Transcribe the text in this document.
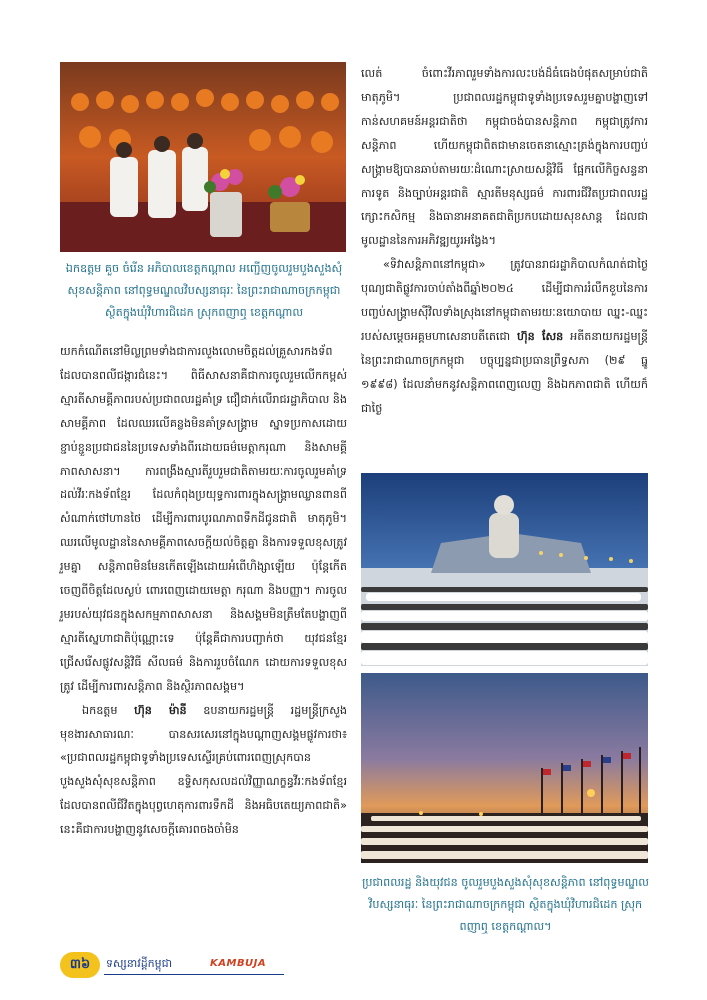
ឯកឧត្តម គួច ចំរើន អភិបាលខេត្តកណ្តាល អញ្ជើញចូលរួមបួងសួងសុំសុខសន្តិភាព នៅពុទ្ធមណ្ឌលវិបស្សនាធុរៈ នៃព្រះរាជាណាចក្រកម្ពុជា ស្ថិតក្នុងឃុំវិហារជិដេក ស្រុកពញាឮ ខេត្តកណ្តាល

យកកំណើតនៅមិល្លព្រមទាំងជាការលួងលោមចិត្តដល់គ្រួសារកងទ័ព ដែលបានពលីជង្ការជំនេះ។ ពិធីសាសនាគឺជាការចូលរួមលើកកម្ពស់ស្មារតីសាមគ្គីភាពរបស់ប្រជាពលរដ្ឋគាំទ្រ ជឿជាក់លើរាជរដ្ឋាភិបាល និងសាមគ្គីភាព ដែលឈរលើគន្លងមិនគាំទ្រសង្គ្រាម ស្នាទប្រកាសដោយខ្ជាប់ខ្ជួនប្រជាជននៃប្រទេសទាំងពីរដោយធម៌មេត្តាករុណា និងសាមគ្គីភាពសាសនា។ ការពង្រឹងស្មារតីរួបរួមជាតិតាមរយៈការចូលរួមគាំទ្រដល់វីរៈកងទ័ពខ្មែរ ដែលកំពុងប្រយុទ្ធការពារក្នុងសង្គ្រាមឈ្លានពានពីសំណាក់ថៅហានថៃ ដើម្បីការពារបូរណភាពទឹកដីជូនជាតិ មាតុភូមិ។ ឈរលើមូលដ្ឋាននៃសាមគ្គីភាពសេចក្តីយល់ចិត្តគ្នា និងការទទួលខុសត្រូវរួមគ្នា សន្តិភាពមិនមែនកើតឡើងដោយអំពើហិង្សាឡើយ ប៉ុន្តែកើតចេញពីចិត្តដែលស្ងប់ ពោរពេញដោយមេត្តា ករុណា និងបញ្ញា។ ការចូលរួមរបស់យុវជនក្នុងសកម្មភាពសាសនា និងសង្គមមិនត្រឹមតែបង្ហាញពីស្មារតីស្នេហាជាតិប៉ុណ្ណោះទេ ប៉ុន្តែគឺជាការបញ្ជាក់ថា យុវជនខ្មែរជ្រើសរើសផ្លូវសន្តិវិធី សីលធម៌ និងការរួបចំណែក ដោយការទទួលខុសត្រូវ ដើម្បីការពារសន្តិភាព និងស្ថិរភាពសង្គម។

ឯកឧត្តម ហ៊ុន ម៉ានី ឧបនាយករដ្ឋមន្ត្រី រដ្ឋមន្ត្រីក្រសួងមុខងារសាធារណៈ បានសរសេរនៅក្នុងបណ្តាញសង្គមផ្លូវការថា៖ «ប្រជាពលរដ្ឋកម្ពុជាទូទាំងប្រទេសស្ទើរគ្រប់ពោរពេញស្រុកបានបួងសួងសុំសុខសន្តិភាព ឧទ្ទិសកុសលដល់វិញ្ញាណក្ខន្ធវីរៈកងទ័ពខ្មែរ ដែលបានពលីជីវិតក្នុងបុព្វហេតុការពារទឹកដី និងអធិបតេយ្យភាពជាតិ» នេះគឺជាការបង្ហាញនូវសេចក្តីគោរពចងចាំមិន

លេត់ ចំពោះវីរភាពរួមទាំងការលះបង់ដ៏ធំធេងបំផុតសម្រាប់ជាតិមាតុភូមិ។ ប្រជាពលរដ្ឋកម្ពុជាទូទាំងប្រទេសរួមគ្នាបង្ហាញទៅកាន់សហគមន៍អន្តរជាតិថា កម្ពុជាចង់បានសន្តិភាព កម្ពុជាត្រូវការសន្តិភាព ហើយកម្ពុជាពិតជាមានចេតនាស្មោះត្រង់ក្នុងការបញ្ចប់សង្គ្រាមឱ្យបានឆាប់តាមរយៈដំណោះស្រាយសន្តិវិធី ផ្អែកលើកិច្ចសន្ទនា ការទូត និងច្បាប់អន្តរជាតិ ស្មារតីមនុស្សធម៌ ការពារជីវិតប្រជាពលរដ្ឋ ក្សោះកសិកម្ម និងធានាអនាគតជាតិប្រកបដោយសុខសាន្ត ដែលជាមូលដ្ឋាននៃការអភិវឌ្ឍយូរអង្វែង។

«ទិវាសន្តិភាពនៅកម្ពុជា» ត្រូវបានរាជរដ្ឋាភិបាលកំណត់ជាថ្ងៃបុណ្យជាតិផ្លូវការចាប់តាំងពីឆ្នាំ២០២៤ ដើម្បីជាការរំលឹកខួបនៃការបញ្ចប់សង្គ្រាមស៊ីវិលទាំងស្រុងនៅកម្ពុជាតាមរយៈនយោបាយ ឈ្នះ-ឈ្នះ របស់សម្តេចអគ្គមហាសេនាបតីតេជោ ហ៊ុន សែន អតីតនាយករដ្ឋមន្ត្រី នៃព្រះរាជាណាចក្រកម្ពុជា បច្ចុប្បន្នជាប្រធានព្រឹទ្ធសភា (២៩ ធ្នូ ១៩៩៨) ដែលនាំមកនូវសន្តិភាពពេញលេញ និងឯកភាពជាតិ ហើយក៏ជាថ្ងៃ

ប្រជាពលរដ្ឋ និងយុវជន ចូលរួមបួងសួងសុំសុខសន្តិភាព នៅពុទ្ធមណ្ឌលវិបស្សនាធុរៈ នៃព្រះរាជាណាចក្រកម្ពុជា ស្ថិតក្នុងឃុំវិហារជិដេក ស្រុកពញាឮ ខេត្តកណ្តាល។
៣៦	ទស្សនាវដ្តីកម្ពុជា	KAMBUJA
